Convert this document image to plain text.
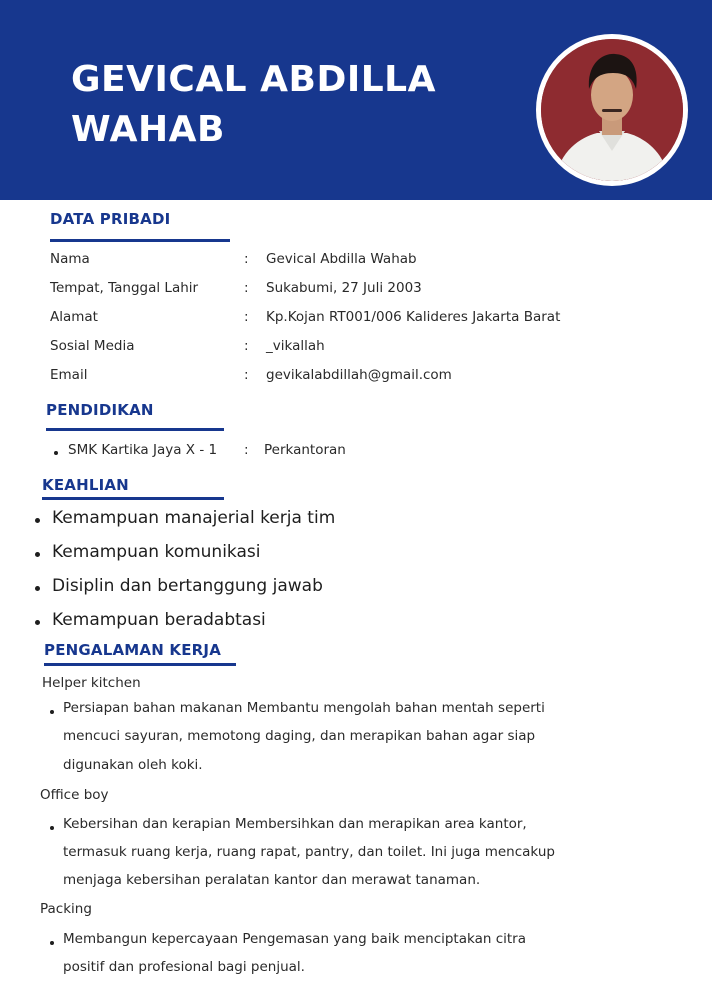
GEVICAL ABDILLA
WAHAB
DATA PRIBADI
Nama	: Gevical Abdilla Wahab
Tempat, Tanggal Lahir	: Sukabumi, 27 Juli 2003
Alamat	: Kp.Kojan RT001/006 Kalideres Jakarta Barat
Sosial Media	: _vikallah
Email	: gevikalabdillah@gmail.com
PENDIDIKAN
SMK Kartika Jaya X - 1 : Perkantoran
KEAHLIAN
Kemampuan manajerial kerja tim
Kemampuan komunikasi
Disiplin dan bertanggung jawab
Kemampuan beradabtasi
PENGALAMAN KERJA
Helper kitchen
Persiapan bahan makanan Membantu mengolah bahan mentah seperti
mencuci sayuran, memotong daging, dan merapikan bahan agar siap
digunakan oleh koki.
Office boy
Kebersihan dan kerapian Membersihkan dan merapikan area kantor,
termasuk ruang kerja, ruang rapat, pantry, dan toilet. Ini juga mencakup
menjaga kebersihan peralatan kantor dan merawat tanaman.
Packing
Membangun kepercayaan Pengemasan yang baik menciptakan citra
positif dan profesional bagi penjual.
